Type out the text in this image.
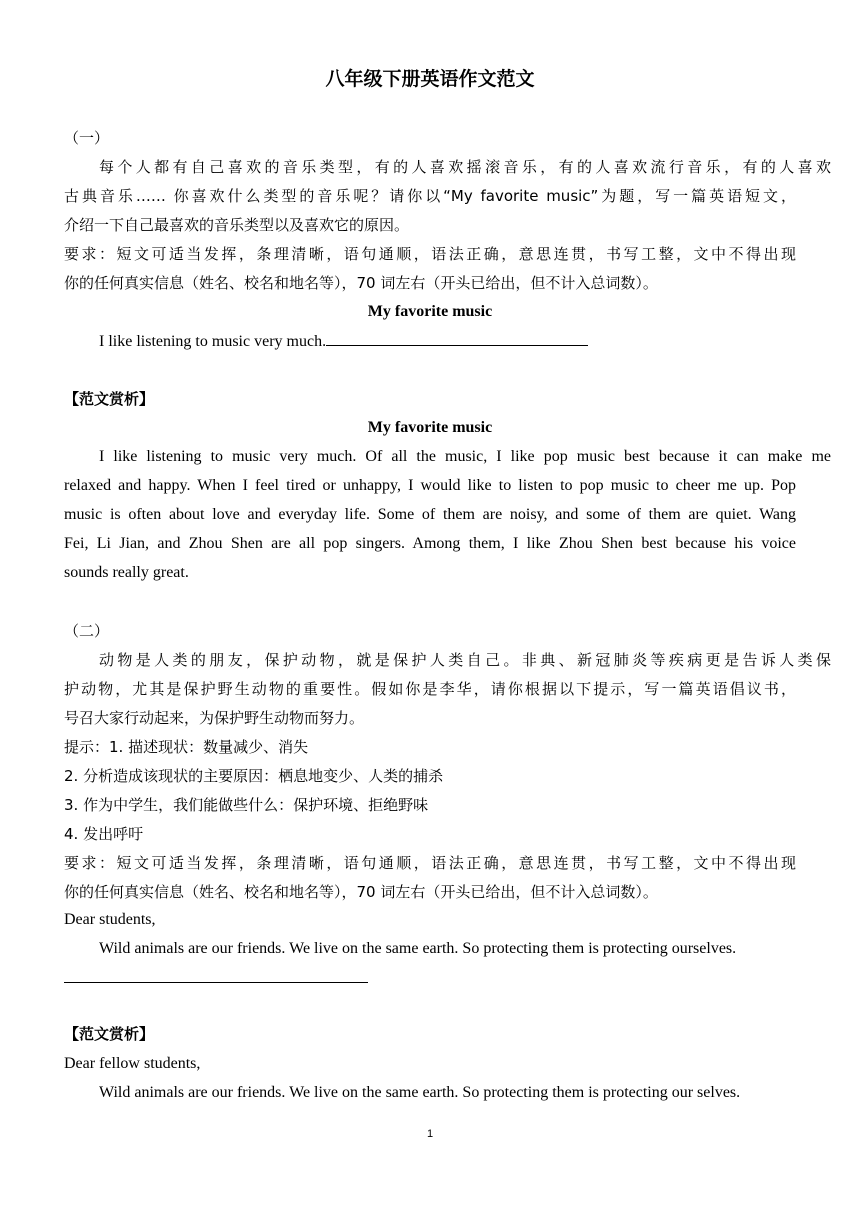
八年级下册英语作文范文
（一）
每个人都有自己喜欢的音乐类型，有的人喜欢摇滚音乐，有的人喜欢流行音乐，有的人喜欢
古典音乐…… 你喜欢什么类型的音乐呢？请你以“My favorite music”为题，写一篇英语短文，
介绍一下自己最喜欢的音乐类型以及喜欢它的原因。
要求：短文可适当发挥，条理清晰，语句通顺，语法正确，意思连贯，书写工整，文中不得出现
你的任何真实信息（姓名、校名和地名等），70 词左右（开头已给出，但不计入总词数）。
My favorite music
I like listening to music very much.
【范文赏析】
My favorite music
I like listening to music very much. Of all the music, I like pop music best because it can make me
relaxed and happy. When I feel tired or unhappy, I would like to listen to pop music to cheer me up. Pop
music is often about love and everyday life. Some of them are noisy, and some of them are quiet. Wang
Fei, Li Jian, and Zhou Shen are all pop singers. Among them, I like Zhou Shen best because his voice
sounds really great.
（二）
动物是人类的朋友，保护动物，就是保护人类自己。非典、新冠肺炎等疾病更是告诉人类保
护动物，尤其是保护野生动物的重要性。假如你是李华，请你根据以下提示，写一篇英语倡议书，
号召大家行动起来，为保护野生动物而努力。
提示：1. 描述现状：数量减少、消失
2. 分析造成该现状的主要原因：栖息地变少、人类的捕杀
3. 作为中学生，我们能做些什么：保护环境、拒绝野味
4. 发出呼吁
要求：短文可适当发挥，条理清晰，语句通顺，语法正确，意思连贯，书写工整，文中不得出现
你的任何真实信息（姓名、校名和地名等），70 词左右（开头已给出，但不计入总词数）。
Dear students,
Wild animals are our friends. We live on the same earth. So protecting them is protecting ourselves.
【范文赏析】
Dear fellow students,
Wild animals are our friends. We live on the same earth. So protecting them is protecting our selves.
1
